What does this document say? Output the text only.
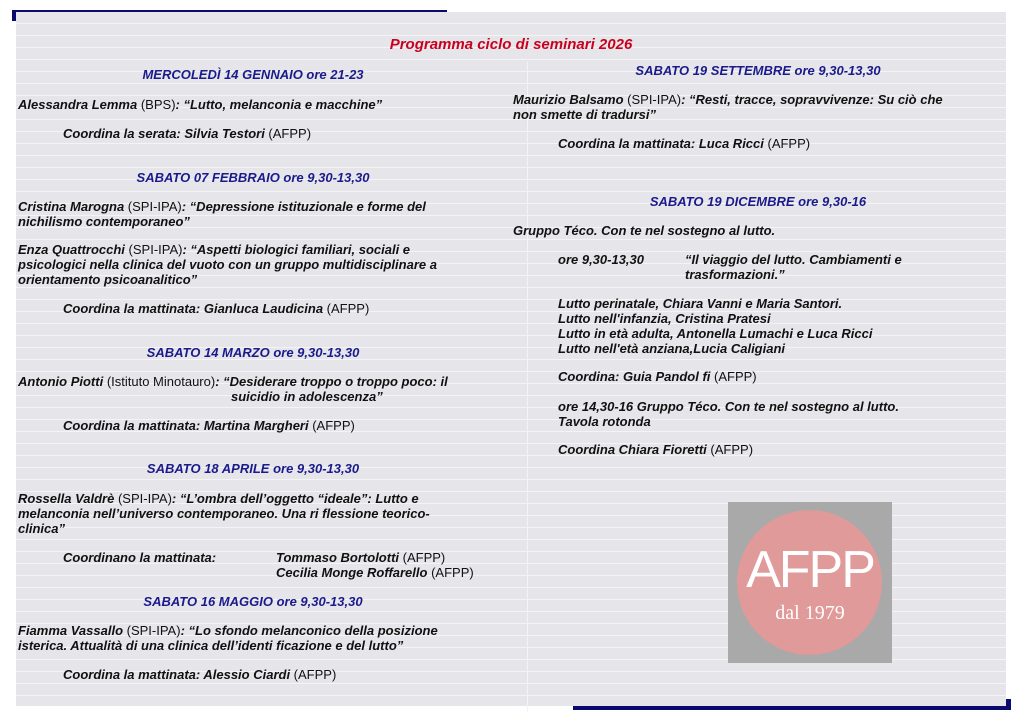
Programma ciclo di seminari 2026
MERCOLEDÌ 14 GENNAIO ore 21-23

Alessandra Lemma (BPS): “Lutto, melanconia e macchine”

Coordina la serata: Silvia Testori (AFPP)

SABATO 07 FEBBRAIO ore 9,30-13,30

Cristina Marogna (SPI-IPA): “Depressione istituzionale e forme del
nichilismo contemporaneo”

Enza Quattrocchi (SPI-IPA): “Aspetti biologici familiari, sociali e
psicologici nella clinica del vuoto con un gruppo multidisciplinare a
orientamento psicoanalitico”

Coordina la mattinata: Gianluca Laudicina (AFPP)

SABATO 14 MARZO ore 9,30-13,30

Antonio Piotti (Istituto Minotauro): “Desiderare troppo o troppo poco: il

suicidio in adolescenza”

Coordina la mattinata: Martina Margheri (AFPP)

SABATO 18 APRILE ore 9,30-13,30

Rossella Valdrè (SPI-IPA): “L’ombra dell’oggetto “ideale”: Lutto e
melanconia nell’universo contemporaneo. Una ri flessione teorico-
clinica”

Coordinano la mattinata:	Tommaso Bortolotti (AFPP)
Cecilia Monge Roffarello (AFPP)

SABATO 16 MAGGIO ore 9,30-13,30

Fiamma Vassallo (SPI-IPA): “Lo sfondo melanconico della posizione
isterica. Attualità di una clinica dell’identi ficazione e del lutto”

Coordina la mattinata: Alessio Ciardi (AFPP)

SABATO 19 SETTEMBRE ore 9,30-13,30

Maurizio Balsamo (SPI-IPA): “Resti, tracce, sopravvivenze: Su ciò che
non smette di tradursi”

Coordina la mattinata: Luca Ricci (AFPP)

SABATO 19 DICEMBRE ore 9,30-16

Gruppo Téco. Con te nel sostegno al lutto.

ore 9,30-13,30	“Il viaggio del lutto. Cambiamenti e
trasformazioni.”

Lutto perinatale, Chiara Vanni e Maria Santori.
Lutto nell'infanzia, Cristina Pratesi
Lutto in età adulta, Antonella Lumachi e Luca Ricci
Lutto nell'età anziana,Lucia Caligiani

Coordina: Guia Pandol fi (AFPP)

ore 14,30-16 Gruppo Téco. Con te nel sostegno al lutto.
Tavola rotonda

Coordina Chiara Fioretti (AFPP)

AFPP
dal 1979
